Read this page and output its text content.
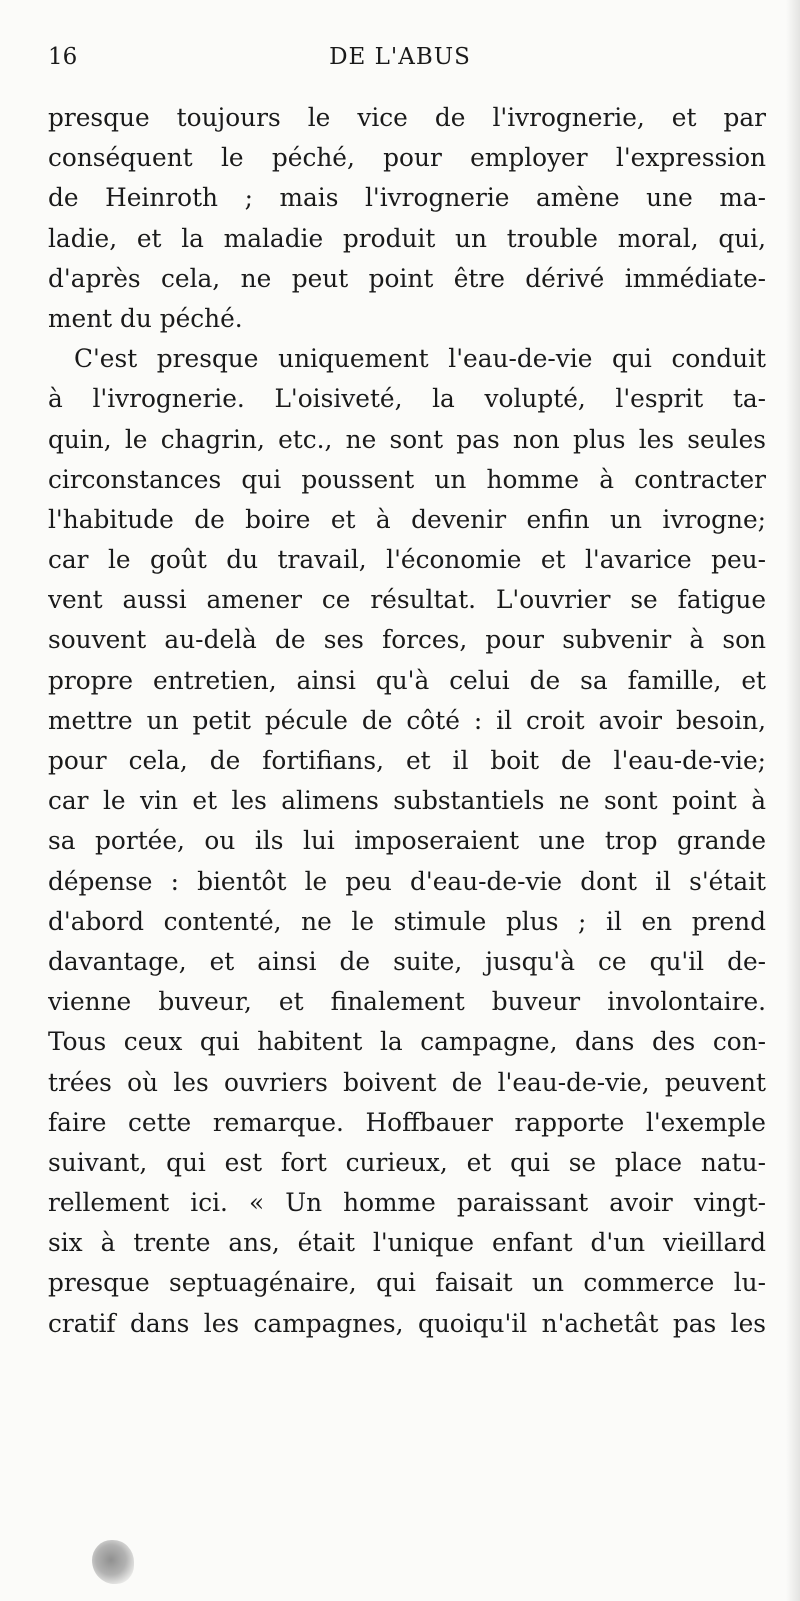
16	DE L'ABUS
presque toujours le vice de l'ivrognerie, et par
conséquent le péché, pour employer l'expression
de Heinroth ; mais l'ivrognerie amène une ma-
ladie, et la maladie produit un trouble moral, qui,
d'après cela, ne peut point être dérivé immédiate-
ment du péché.
C'est presque uniquement l'eau-de-vie qui conduit
à l'ivrognerie. L'oisiveté, la volupté, l'esprit ta-
quin, le chagrin, etc., ne sont pas non plus les seules
circonstances qui poussent un homme à contracter
l'habitude de boire et à devenir enfin un ivrogne;
car le goût du travail, l'économie et l'avarice peu-
vent aussi amener ce résultat. L'ouvrier se fatigue
souvent au-delà de ses forces, pour subvenir à son
propre entretien, ainsi qu'à celui de sa famille, et
mettre un petit pécule de côté : il croit avoir besoin,
pour cela, de fortifians, et il boit de l'eau-de-vie;
car le vin et les alimens substantiels ne sont point à
sa portée, ou ils lui imposeraient une trop grande
dépense : bientôt le peu d'eau-de-vie dont il s'était
d'abord contenté, ne le stimule plus ; il en prend
davantage, et ainsi de suite, jusqu'à ce qu'il de-
vienne buveur, et finalement buveur involontaire.
Tous ceux qui habitent la campagne, dans des con-
trées où les ouvriers boivent de l'eau-de-vie, peuvent
faire cette remarque. Hoffbauer rapporte l'exemple
suivant, qui est fort curieux, et qui se place natu-
rellement ici. « Un homme paraissant avoir vingt-
six à trente ans, était l'unique enfant d'un vieillard
presque septuagénaire, qui faisait un commerce lu-
cratif dans les campagnes, quoiqu'il n'achetât pas les
